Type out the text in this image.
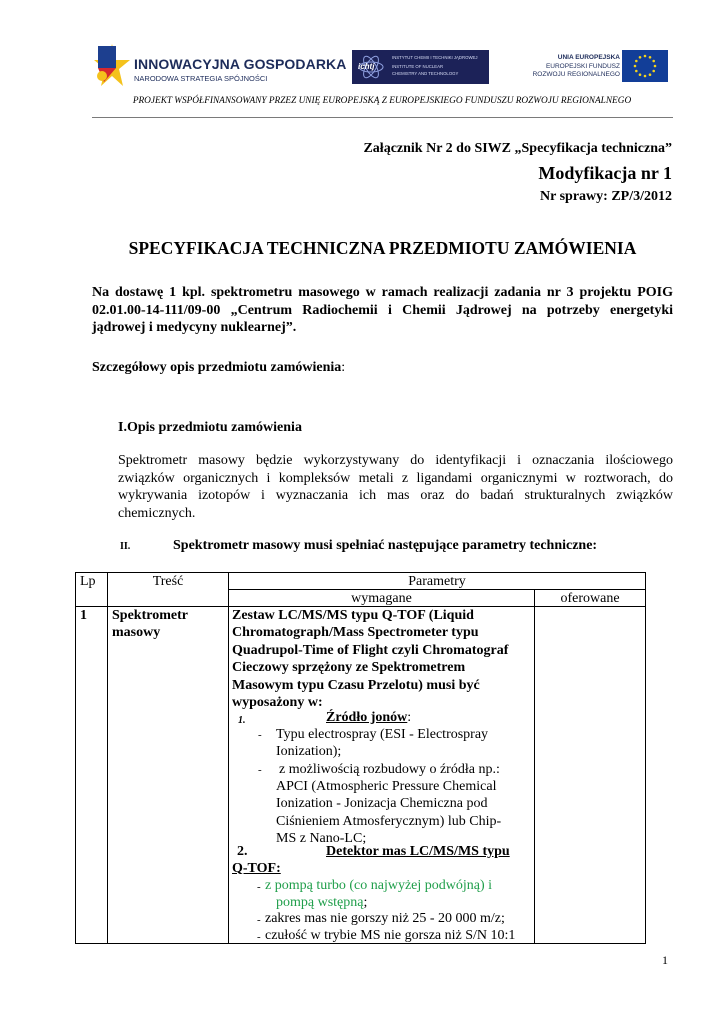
INNOWACYJNA GOSPODARKA
NARODOWA STRATEGIA SPÓJNOŚCI
ichtj
INSTYTUT CHEMII I TECHNIKI JĄDROWEJ
INSTITUTE OF NUCLEAR
CHEMISTRY AND TECHNOLOGY
UNIA EUROPEJSKA
EUROPEJSKI FUNDUSZ
ROZWOJU REGIONALNEGO
PROJEKT WSPÓŁFINANSOWANY PRZEZ UNIĘ EUROPEJSKĄ Z EUROPEJSKIEGO FUNDUSZU ROZWOJU REGIONALNEGO
Załącznik Nr 2 do SIWZ „Specyfikacja techniczna”
Modyfikacja nr 1
Nr sprawy: ZP/3/2012
SPECYFIKACJA TECHNICZNA PRZEDMIOTU ZAMÓWIENIA
Na dostawę 1 kpl. spektrometru masowego w ramach realizacji zadania nr 3 projektu POIG
02.01.00-14-111/09-00 „Centrum Radiochemii i Chemii Jądrowej na potrzeby energetyki
jądrowej i medycyny nuklearnej”.
Szczegółowy opis przedmiotu zamówienia:
I.Opis przedmiotu zamówienia
Spektrometr masowy będzie wykorzystywany do identyfikacji i oznaczania ilościowego
związków organicznych i kompleksów metali z ligandami organicznymi w roztworach, do
wykrywania izotopów i wyznaczania ich mas oraz do badań strukturalnych związków
chemicznych.
II.	Spektrometr masowy musi spełniać następujące parametry techniczne:
Lp	Treść	Parametry
wymagane	oferowane
1 Spektrometr
masowy
Zestaw LC/MS/MS typu Q-TOF (Liquid
Chromatograph/Mass Spectrometer typu
Quadrupol-Time of Flight czyli Chromatograf
Cieczowy sprzężony ze Spektrometrem
Masowym typu Czasu Przelotu) musi być
wyposażony w:
1.	Źródło jonów:
- Typu electrospray (ESI - Electrospray
Ionization);
- z możliwością rozbudowy o źródła np.:
APCI (Atmospheric Pressure Chemical
Ionization - Jonizacja Chemiczna pod
Ciśnieniem Atmosferycznym) lub Chip-
MS z Nano-LC;
2.	Detektor mas LC/MS/MS typu
Q-TOF:
- z pompą turbo (co najwyżej podwójną) i
pompą wstępną;
- zakres mas nie gorszy niż 25 - 20 000 m/z;
- czułość w trybie MS nie gorsza niż S/N 10:1
1
